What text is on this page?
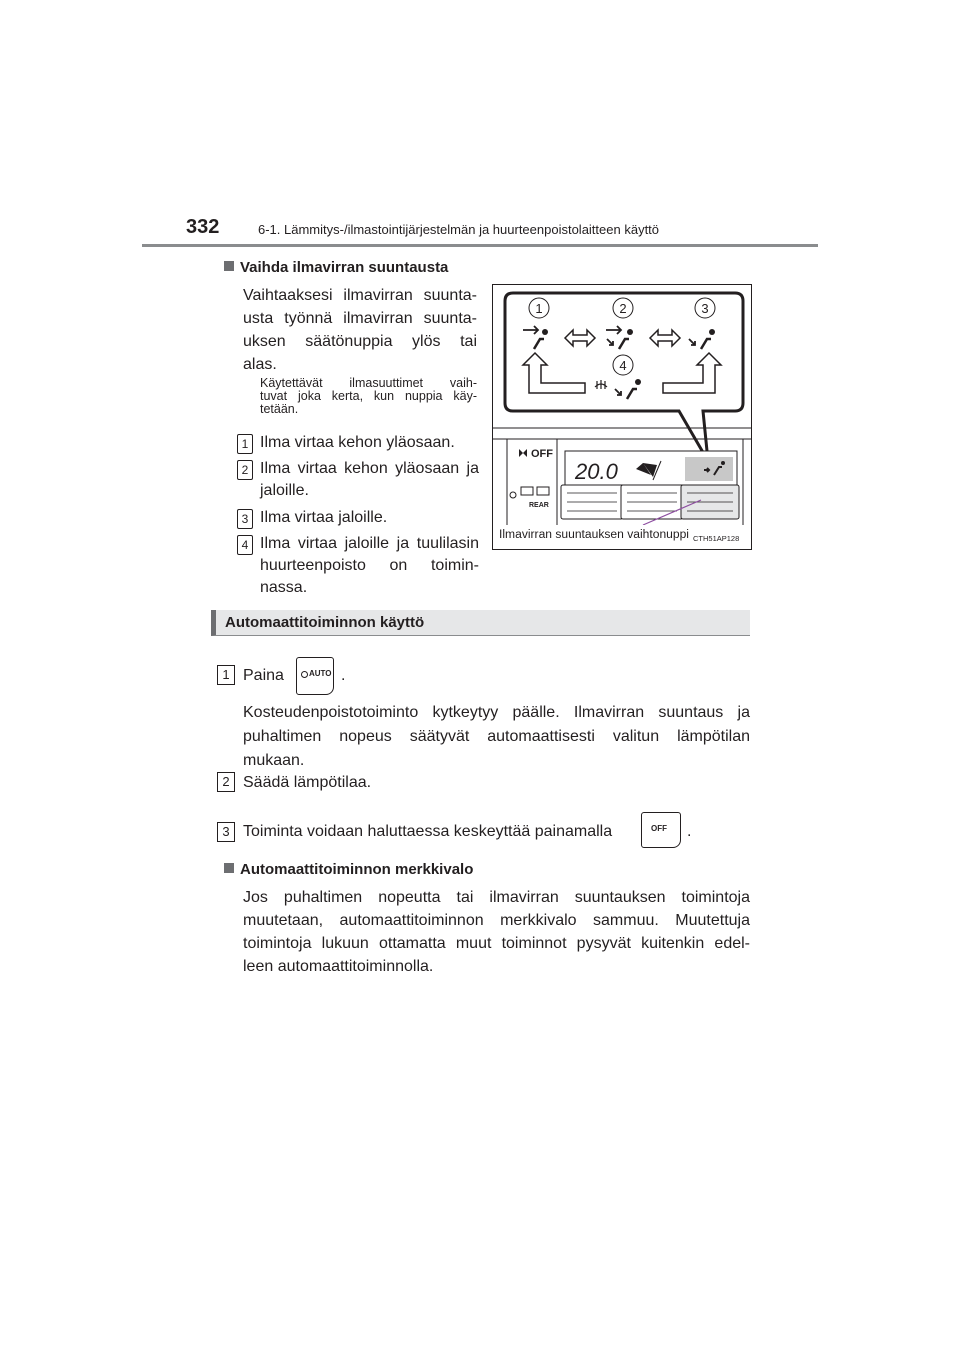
332	6-1. Lämmitys-/ilmastointijärjestelmän ja huurteenpoistolaitteen käyttö
Vaihda ilmavirran suuntausta
Vaihtaaksesi ilmavirran suunta-
usta työnnä ilmavirran suunta-
uksen säätönuppia ylös tai
alas.
Käytettävät ilmasuuttimet vaih-
tuvat joka kerta, kun nuppia käy-
tetään.
1 Ilma virtaa kehon yläosaan.
2 Ilma virtaa kehon yläosaan ja
jaloille.
3 Ilma virtaa jaloille.
4 Ilma virtaa jaloille ja tuulilasin
huurteenpoisto on toimin-
nassa.
1	2	3
4
OFF
20.0
REAR
Ilmavirran suuntauksen vaihtonuppi CTH51AP128
Automaattitoiminnon käyttö
1 Paina	AUTO .
Kosteudenpoistotoiminto kytkeytyy päälle. Ilmavirran suuntaus ja
puhaltimen nopeus säätyvät automaattisesti valitun lämpötilan
mukaan.
2 Säädä lämpötilaa.
3 Toiminta voidaan haluttaessa keskeyttää painamalla	OFF .
Automaattitoiminnon merkkivalo
Jos puhaltimen nopeutta tai ilmavirran suuntauksen toimintoja
muutetaan, automaattitoiminnon merkkivalo sammuu. Muutettuja
toimintoja lukuun ottamatta muut toiminnot pysyvät kuitenkin edel-
leen automaattitoiminnolla.
